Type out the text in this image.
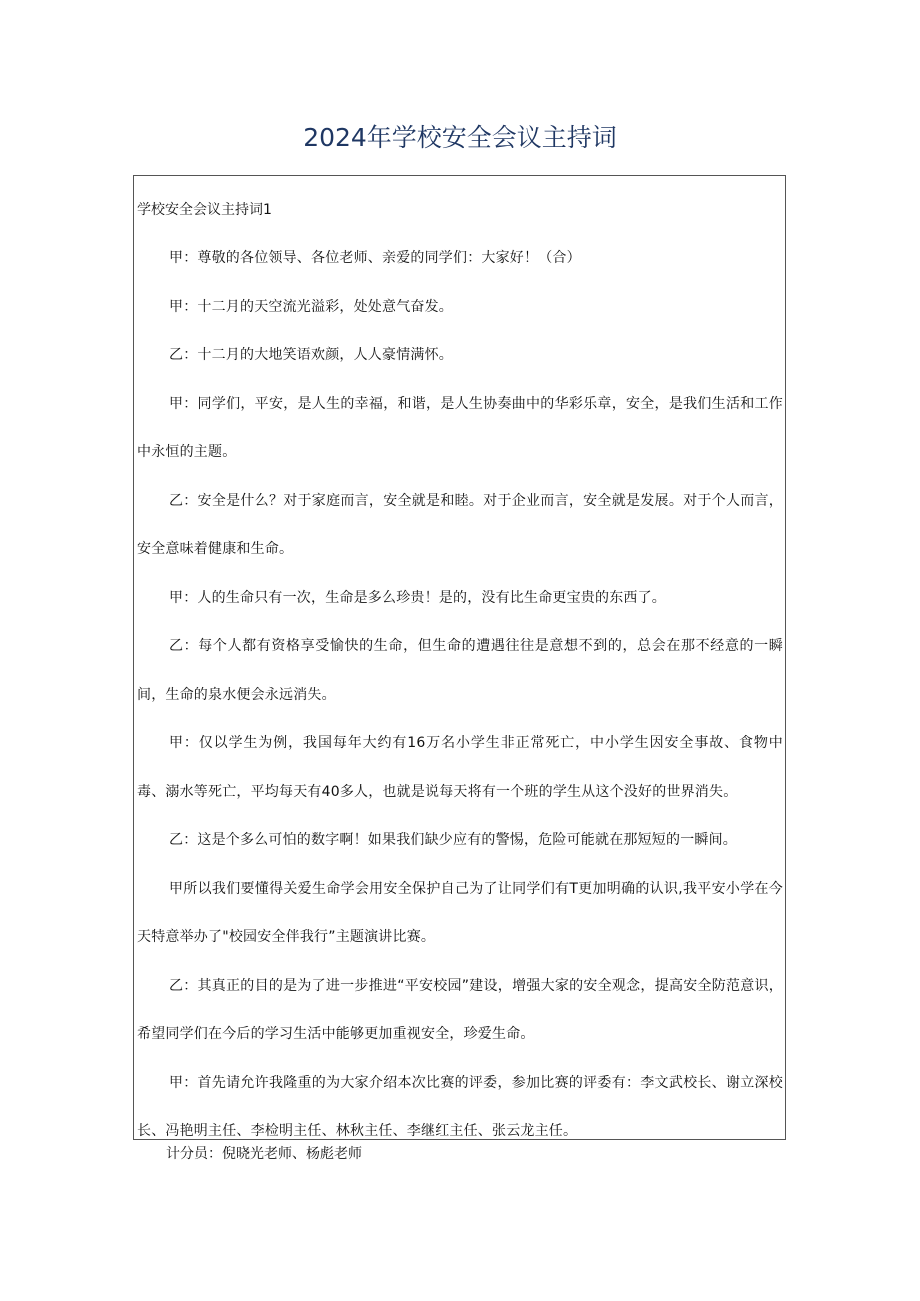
2024年学校安全会议主持词

学校安全会议主持词1

甲：尊敬的各位领导、各位老师、亲爱的同学们：大家好！（合）

甲：十二月的天空流光溢彩，处处意气奋发。

乙：十二月的大地笑语欢颜，人人豪情满怀。

甲：同学们，平安，是人生的幸福，和谐，是人生协奏曲中的华彩乐章，安全，是我们生活和工作中永恒的主题。

乙：安全是什么？对于家庭而言，安全就是和睦。对于企业而言，安全就是发展。对于个人而言，安全意味着健康和生命。

甲：人的生命只有一次，生命是多么珍贵！是的，没有比生命更宝贵的东西了。

乙：每个人都有资格享受愉快的生命，但生命的遭遇往往是意想不到的，总会在那不经意的一瞬间，生命的泉水便会永远消失。

甲：仅以学生为例，我国每年大约有16万名小学生非正常死亡，中小学生因安全事故、食物中毒、溺水等死亡，平均每天有40多人，也就是说每天将有一个班的学生从这个没好的世界消失。

乙：这是个多么可怕的数字啊！如果我们缺少应有的警惕，危险可能就在那短短的一瞬间。

甲所以我们要懂得关爱生命学会用安全保护自己为了让同学们有T更加明确的认识,我平安小学在今天特意举办了"校园安全伴我行”主题演讲比赛。

乙：其真正的目的是为了进一步推进“平安校园”建设，增强大家的安全观念，提高安全防范意识，希望同学们在今后的学习生活中能够更加重视安全，珍爱生命。

甲：首先请允许我隆重的为大家介绍本次比赛的评委，参加比赛的评委有：李文武校长、谢立深校长、冯艳明主任、李检明主任、林秋主任、李继红主任、张云龙主任。

计分员：倪晓光老师、杨彪老师
